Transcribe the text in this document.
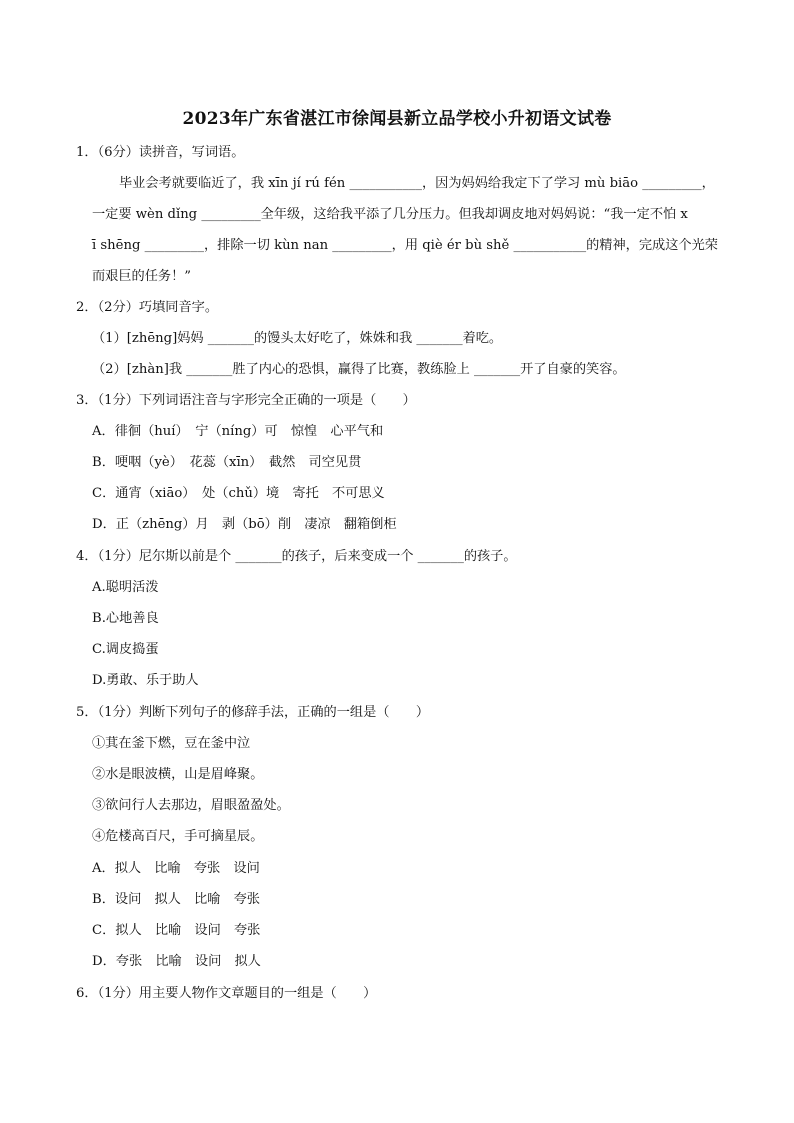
2023年广东省湛江市徐闻县新立品学校小升初语文试卷
1．（6分）读拼音，写词语。
毕业会考就要临近了，我 xīn jí rú fén ___________，因为妈妈给我定下了学习 mù biāo _________，
一定要 wèn dǐng _________全年级，这给我平添了几分压力。但我却调皮地对妈妈说：“我一定不怕 x
ī shēng _________，排除一切 kùn nan _________，用 qiè ér bù shě ___________的精神，完成这个光荣
而艰巨的任务！”
2．（2分）巧填同音字。
（1）[zhēng]妈妈 _______的馒头太好吃了，姝姝和我 _______着吃。
（2）[zhàn]我 _______胜了内心的恐惧，赢得了比赛，教练脸上 _______开了自豪的笑容。
3．（1分）下列词语注音与字形完全正确的一项是（　　）
A．徘徊（huí）　宁（níng）可　惊惶　心平气和
B．哽咽（yè）　花蕊（xīn）　截然　司空见贯
C．通宵（xiāo）　处（chǔ）境　寄托　不可思义
D．正（zhēng）月　剥（bō）削　凄凉　翻箱倒柜
4．（1分）尼尔斯以前是个 _______的孩子，后来变成一个 _______的孩子。
A.聪明活泼
B.心地善良
C.调皮捣蛋
D.勇敢、乐于助人
5．（1分）判断下列句子的修辞手法，正确的一组是（　　）
①萁在釜下燃，豆在釜中泣
②水是眼波横，山是眉峰聚。
③欲问行人去那边，眉眼盈盈处。
④危楼高百尺，手可摘星辰。
A．拟人　比喻　夸张　设问
B．设问　拟人　比喻　夸张
C．拟人　比喻　设问　夸张
D．夸张　比喻　设问　拟人
6．（1分）用主要人物作文章题目的一组是（　　）
